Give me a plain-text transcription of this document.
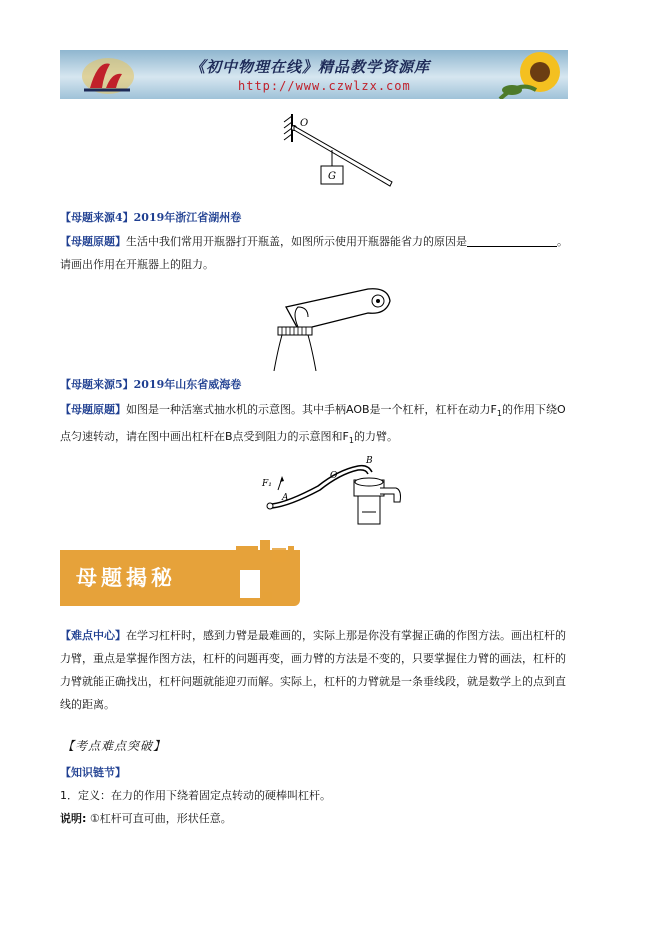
《初中物理在线》精品教学资源库
http://www.czwlzx.com
O
G
【母题来源4】2019年浙江省湖州卷
【母题原题】生活中我们常用开瓶器打开瓶盖，如图所示使用开瓶器能省力的原因是	。
请画出作用在开瓶器上的阻力。
【母题来源5】2019年山东省威海卷
【母题原题】如图是一种活塞式抽水机的示意图。其中手柄AOB是一个杠杆，杠杆在动力$F_1$的作用下绕O
点匀速转动，请在图中画出杠杆在B点受到阻力的示意图和$F_1$的力臂。
F₁
A
O
B
母题揭秘
【难点中心】在学习杠杆时，感到力臂是最难画的，实际上那是你没有掌握正确的作图方法。画出杠杆的
力臂，重点是掌握作图方法，杠杆的问题再变，画力臂的方法是不变的，只要掌握住力臂的画法，杠杆的
力臂就能正确找出，杠杆问题就能迎刃而解。实际上，杠杆的力臂就是一条垂线段，就是数学上的点到直
线的距离。
【考点难点突破】
【知识链节】
1．定义：在力的作用下绕着固定点转动的硬棒叫杠杆。
说明: ①杠杆可直可曲，形状任意。
